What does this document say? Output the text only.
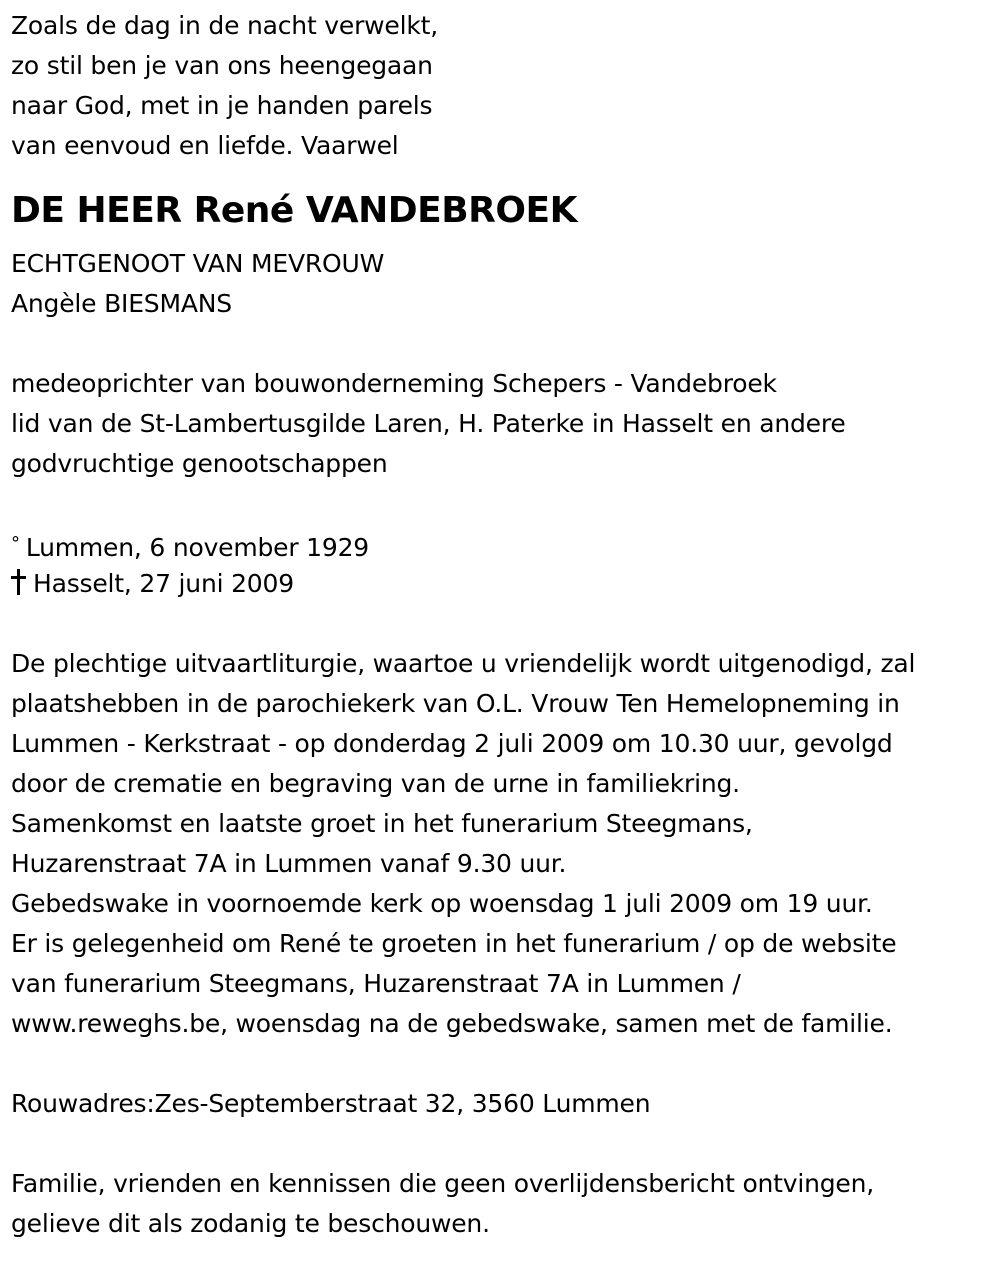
Zoals de dag in de nacht verwelkt,
zo stil ben je van ons heengegaan
naar God, met in je handen parels
van eenvoud en liefde. Vaarwel
DE HEER René VANDEBROEK
ECHTGENOOT VAN MEVROUW
Angèle BIESMANS
medeoprichter van bouwonderneming Schepers - Vandebroek
lid van de St-Lambertusgilde Laren, H. Paterke in Hasselt en andere
godvruchtige genootschappen
° Lummen, 6 november 1929
Hasselt, 27 juni 2009
De plechtige uitvaartliturgie, waartoe u vriendelijk wordt uitgenodigd, zal
plaatshebben in de parochiekerk van O.L. Vrouw Ten Hemelopneming in
Lummen - Kerkstraat - op donderdag 2 juli 2009 om 10.30 uur, gevolgd
door de crematie en begraving van de urne in familiekring.
Samenkomst en laatste groet in het funerarium Steegmans,
Huzarenstraat 7A in Lummen vanaf 9.30 uur.
Gebedswake in voornoemde kerk op woensdag 1 juli 2009 om 19 uur.
Er is gelegenheid om René te groeten in het funerarium / op de website
van funerarium Steegmans, Huzarenstraat 7A in Lummen /
www.reweghs.be, woensdag na de gebedswake, samen met de familie.
Rouwadres:Zes-Septemberstraat 32, 3560 Lummen
Familie, vrienden en kennissen die geen overlijdensbericht ontvingen,
gelieve dit als zodanig te beschouwen.
